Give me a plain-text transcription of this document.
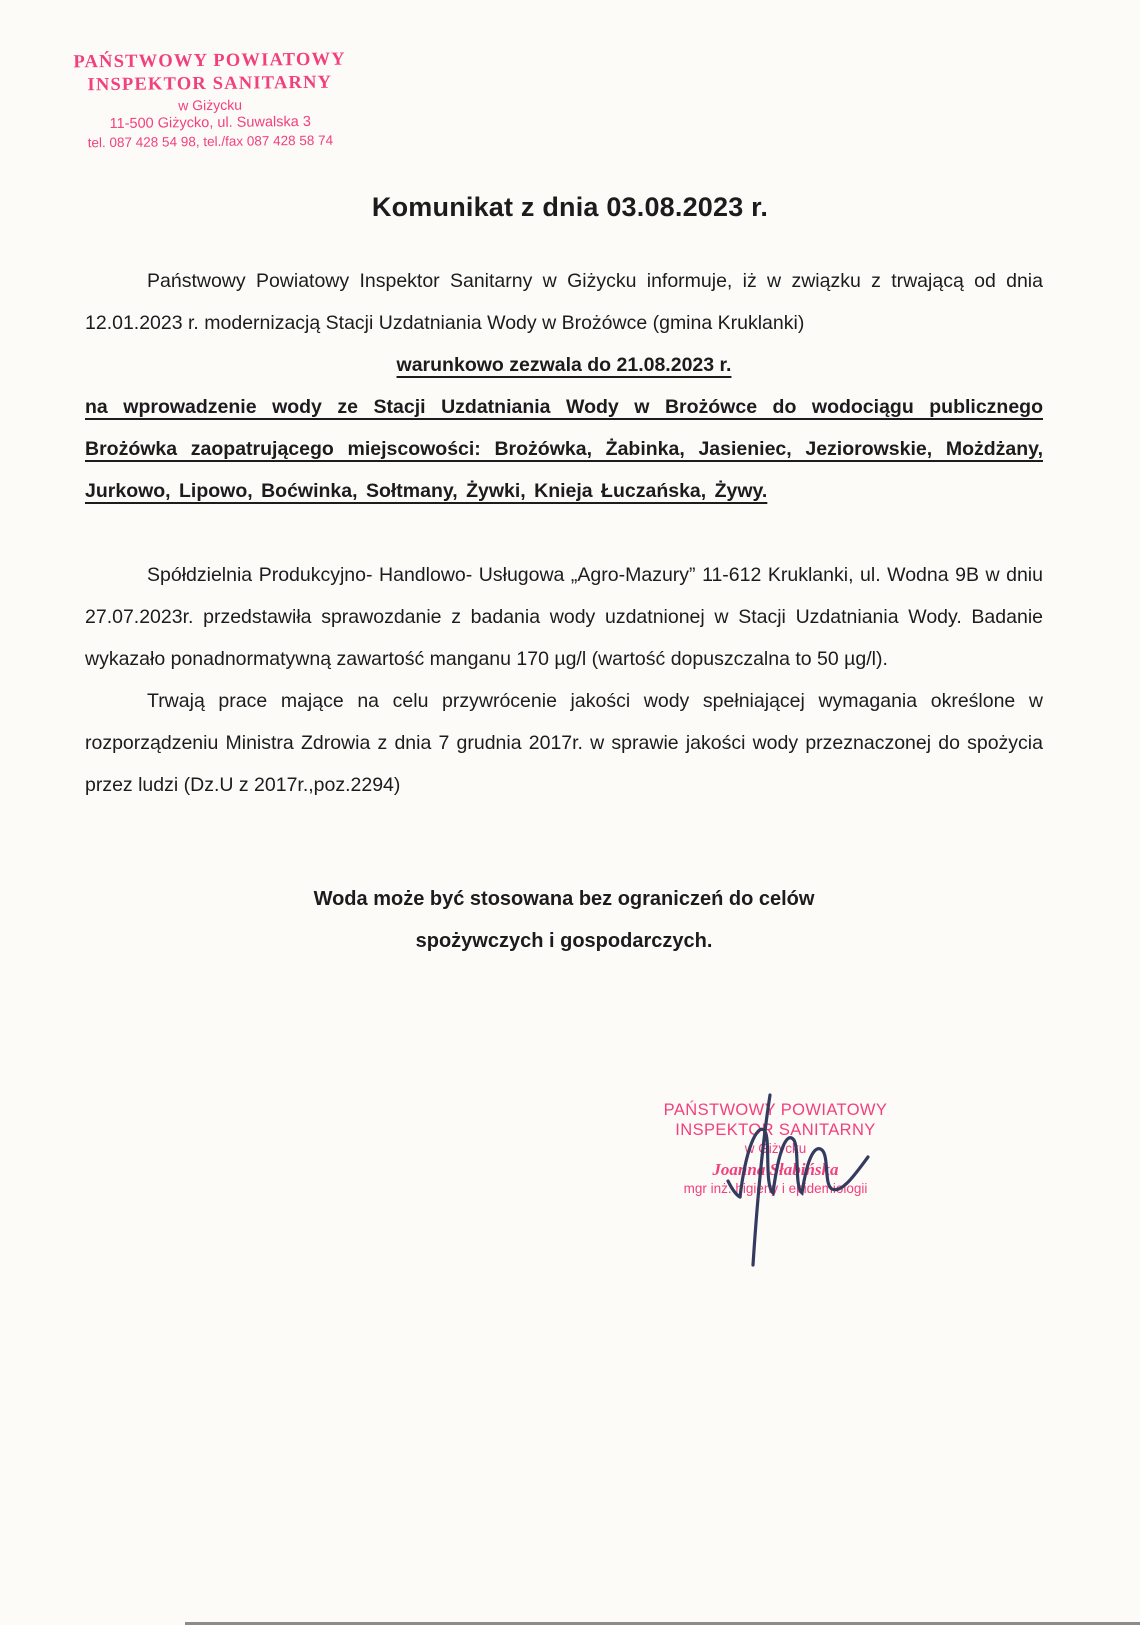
PAŃSTWOWY POWIATOWY
INSPEKTOR SANITARNY
w Giżycku
11-500 Giżycko, ul. Suwalska 3
tel. 087 428 54 98, tel./fax 087 428 58 74
Komunikat z dnia 03.08.2023 r.

Państwowy Powiatowy Inspektor Sanitarny w Giżycku informuje, iż w związku z trwającą od dnia 12.01.2023 r. modernizacją Stacji Uzdatniania Wody w Brożówce (gmina Kruklanki)

warunkowo zezwala do 21.08.2023 r.

na wprowadzenie wody ze Stacji Uzdatniania Wody w Brożówce do wodociągu publicznego Brożówka zaopatrującego miejscowości: Brożówka, Żabinka, Jasieniec, Jeziorowskie, Możdżany, Jurkowo, Lipowo, Boćwinka, Sołtmany, Żywki, Knieja Łuczańska, Żywy.

Spółdzielnia Produkcyjno- Handlowo- Usługowa „Agro-Mazury” 11-612 Kruklanki, ul. Wodna 9B w dniu 27.07.2023r. przedstawiła sprawozdanie z badania wody uzdatnionej w Stacji Uzdatniania Wody. Badanie wykazało ponadnormatywną zawartość manganu 170 µg/l (wartość dopuszczalna to 50 µg/l).

Trwają prace mające na celu przywrócenie jakości wody spełniającej wymagania określone w rozporządzeniu Ministra Zdrowia z dnia 7 grudnia 2017r. w sprawie jakości wody przeznaczonej do spożycia przez ludzi (Dz.U z 2017r.,poz.2294)

Woda może być stosowana bez ograniczeń do celów
spożywczych i gospodarczych.
PAŃSTWOWY POWIATOWY
INSPEKTOR SANITARNY
w Giżycku
Joanna Słabińska
mgr inż. higieny i epidemiologii
